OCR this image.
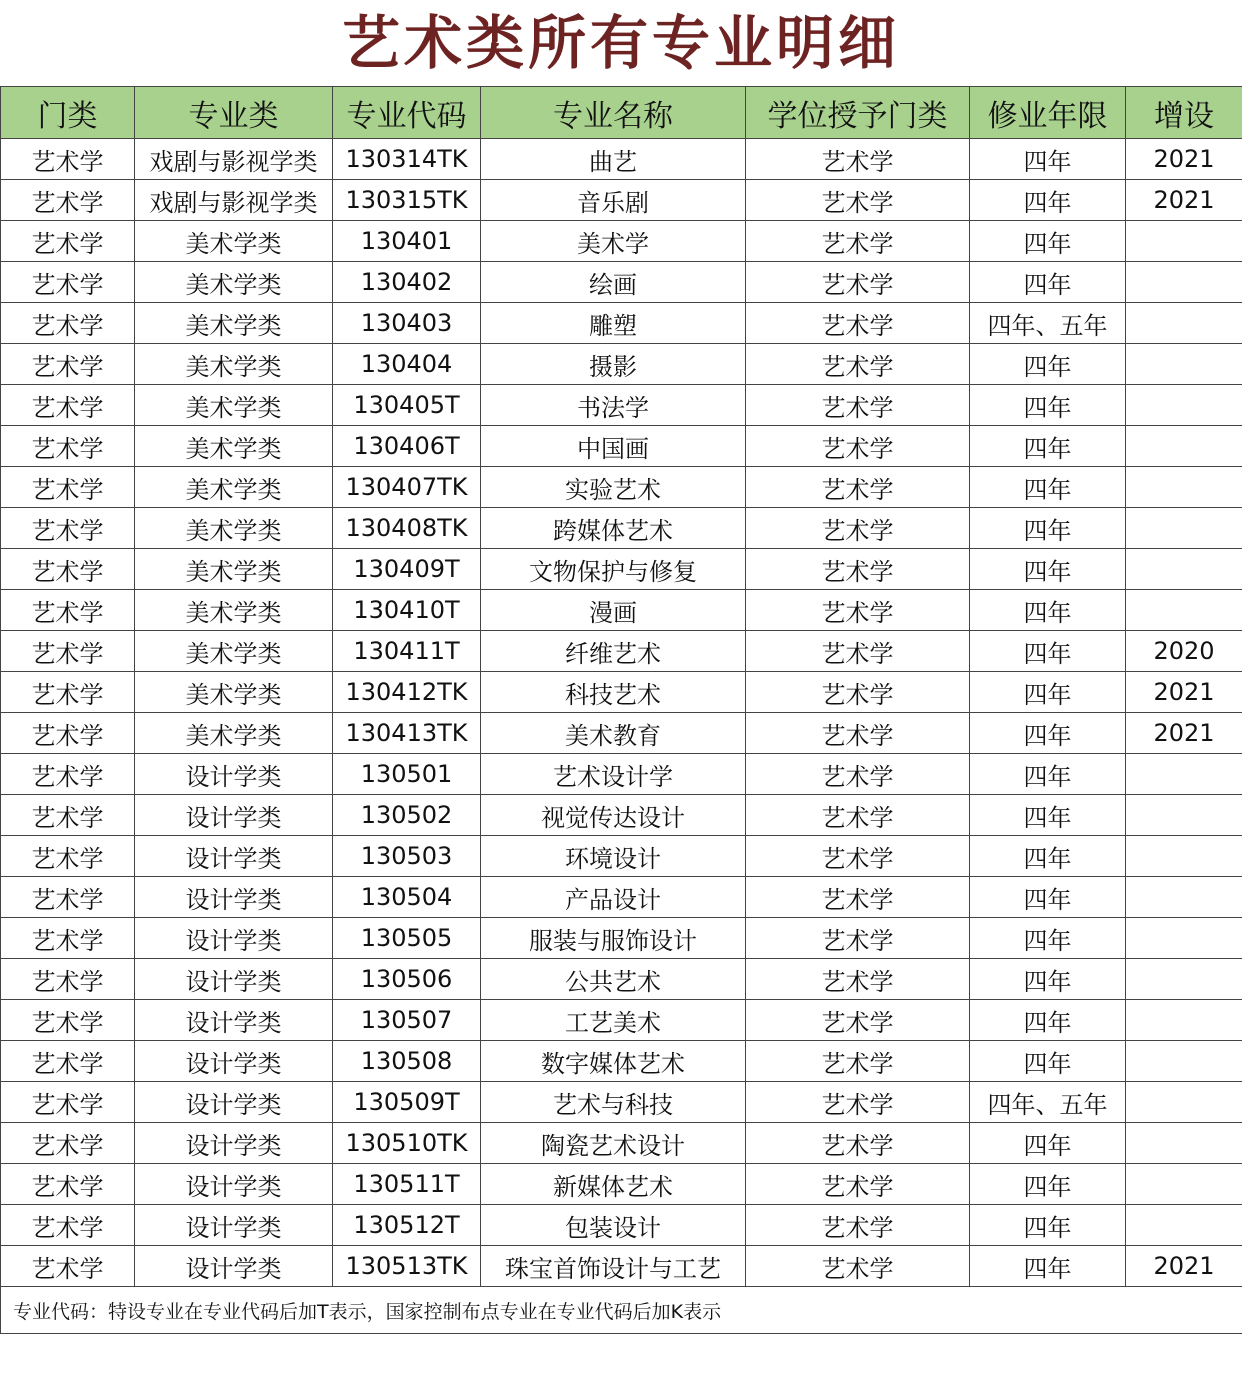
艺术类所有专业明细
门类	专业类	专业代码	专业名称	学位授予门类	修业年限	增设
艺术学	戏剧与影视学类	130314TK	曲艺	艺术学	四年	2021
艺术学	戏剧与影视学类	130315TK	音乐剧	艺术学	四年	2021
艺术学	美术学类	130401	美术学	艺术学	四年	
艺术学	美术学类	130402	绘画	艺术学	四年	
艺术学	美术学类	130403	雕塑	艺术学	四年、五年	
艺术学	美术学类	130404	摄影	艺术学	四年	
艺术学	美术学类	130405T	书法学	艺术学	四年	
艺术学	美术学类	130406T	中国画	艺术学	四年	
艺术学	美术学类	130407TK	实验艺术	艺术学	四年	
艺术学	美术学类	130408TK	跨媒体艺术	艺术学	四年	
艺术学	美术学类	130409T	文物保护与修复	艺术学	四年	
艺术学	美术学类	130410T	漫画	艺术学	四年	
艺术学	美术学类	130411T	纤维艺术	艺术学	四年	2020
艺术学	美术学类	130412TK	科技艺术	艺术学	四年	2021
艺术学	美术学类	130413TK	美术教育	艺术学	四年	2021
艺术学	设计学类	130501	艺术设计学	艺术学	四年	
艺术学	设计学类	130502	视觉传达设计	艺术学	四年	
艺术学	设计学类	130503	环境设计	艺术学	四年	
艺术学	设计学类	130504	产品设计	艺术学	四年	
艺术学	设计学类	130505	服装与服饰设计	艺术学	四年	
艺术学	设计学类	130506	公共艺术	艺术学	四年	
艺术学	设计学类	130507	工艺美术	艺术学	四年	
艺术学	设计学类	130508	数字媒体艺术	艺术学	四年	
艺术学	设计学类	130509T	艺术与科技	艺术学	四年、五年	
艺术学	设计学类	130510TK	陶瓷艺术设计	艺术学	四年	
艺术学	设计学类	130511T	新媒体艺术	艺术学	四年	
艺术学	设计学类	130512T	包装设计	艺术学	四年	
艺术学	设计学类	130513TK	珠宝首饰设计与工艺	艺术学	四年	2021
专业代码：特设专业在专业代码后加T表示，国家控制布点专业在专业代码后加K表示						
